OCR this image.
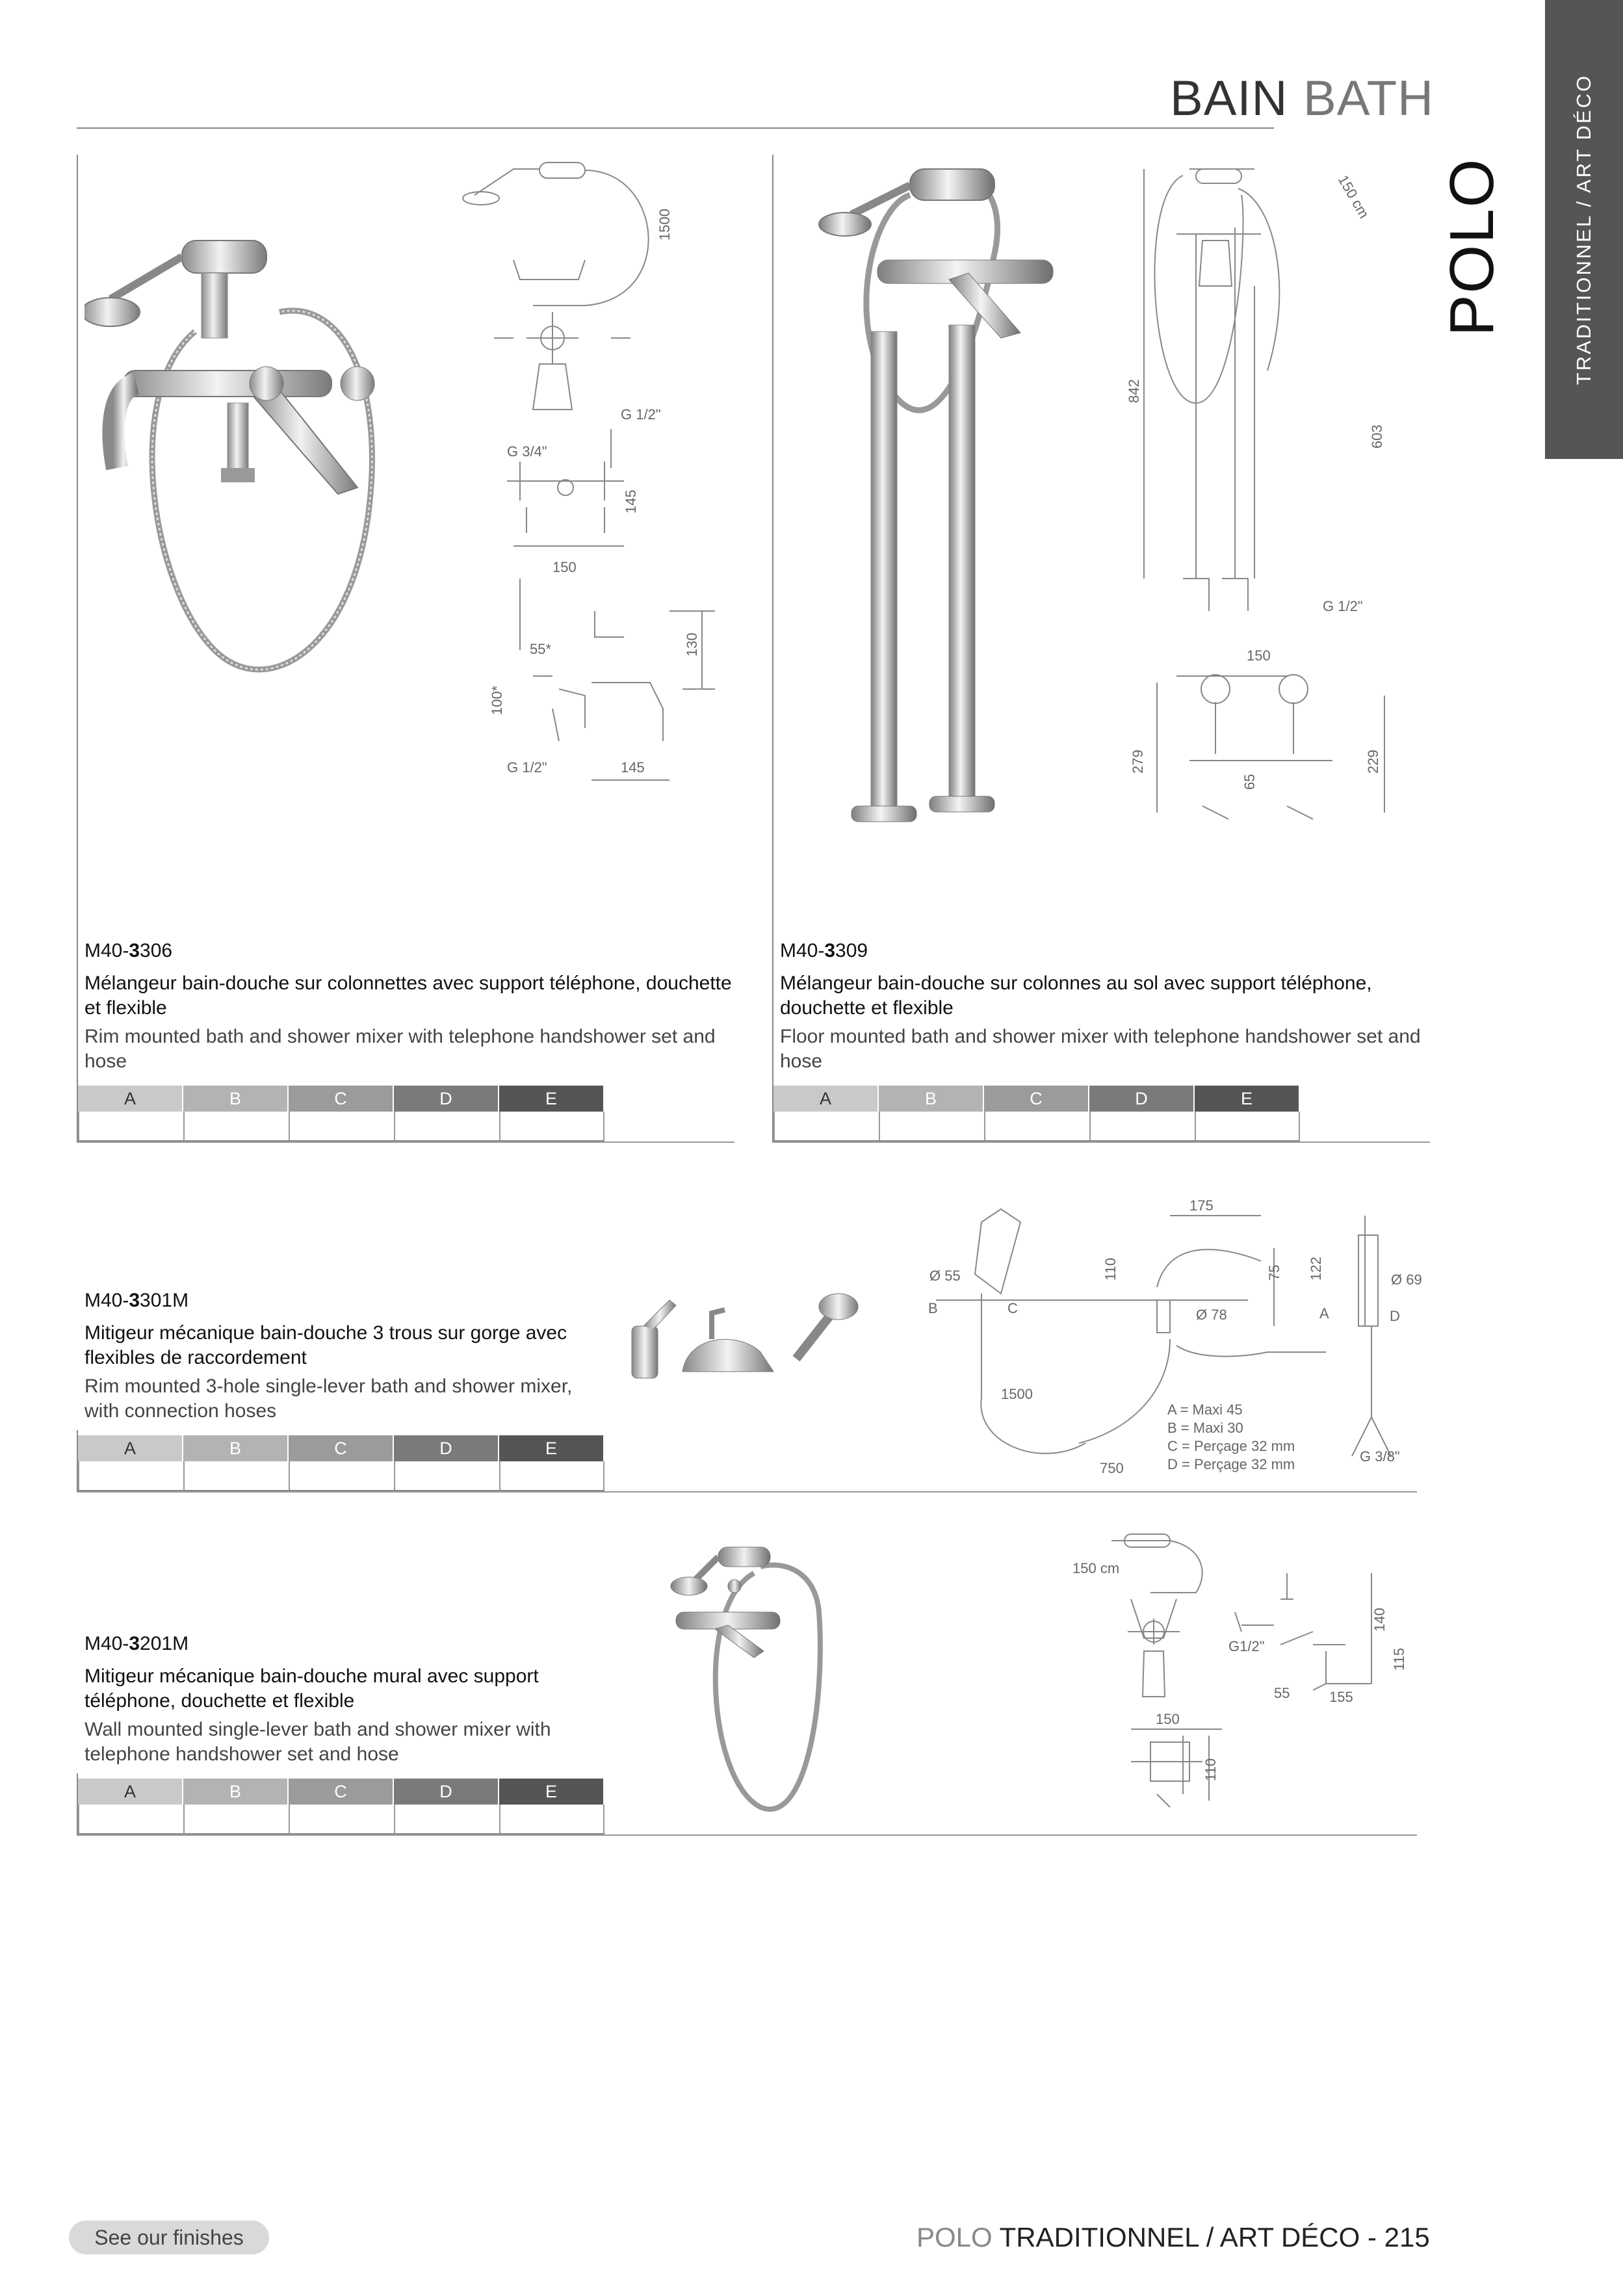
BAIN BATH
POLO	TRADITIONNEL / ART DÉCO
1500
G 1/2"
G 3/4"
145
150
55*
100*
G 1/2"
130
145
M40-3306
Mélangeur bain-douche sur colonnettes avec support téléphone, douchette et flexible
Rim mounted bath and shower mixer with telephone handshower set and hose
A	B	C	D	E
150 cm
842
603
G 1/2"
150
279	229
65
M40-3309
Mélangeur bain-douche sur colonnes au sol avec support téléphone, douchette et flexible
Floor mounted bath and shower mixer with telephone handshower set and hose
A	B	C	D	E
175
Ø 55	110	75 122	Ø 69
B	C	Ø 78	A	D
1500
750
G 3/8"
A = Maxi 45
B = Maxi 30
C = Perçage 32 mm
D = Perçage 32 mm
M40-3301M
Mitigeur mécanique bain-douche 3 trous sur gorge avec flexibles de raccordement
Rim mounted 3-hole single-lever bath and shower mixer, with connection hoses
A	B	C	D	E
150 cm
G1/2"
140
115
55	155
150
110
M40-3201M
Mitigeur mécanique bain-douche mural avec support téléphone, douchette et flexible
Wall mounted single-lever bath and shower mixer with telephone handshower set and hose
A	B	C	D	E
See our finishes	POLO TRADITIONNEL / ART DÉCO - 215
